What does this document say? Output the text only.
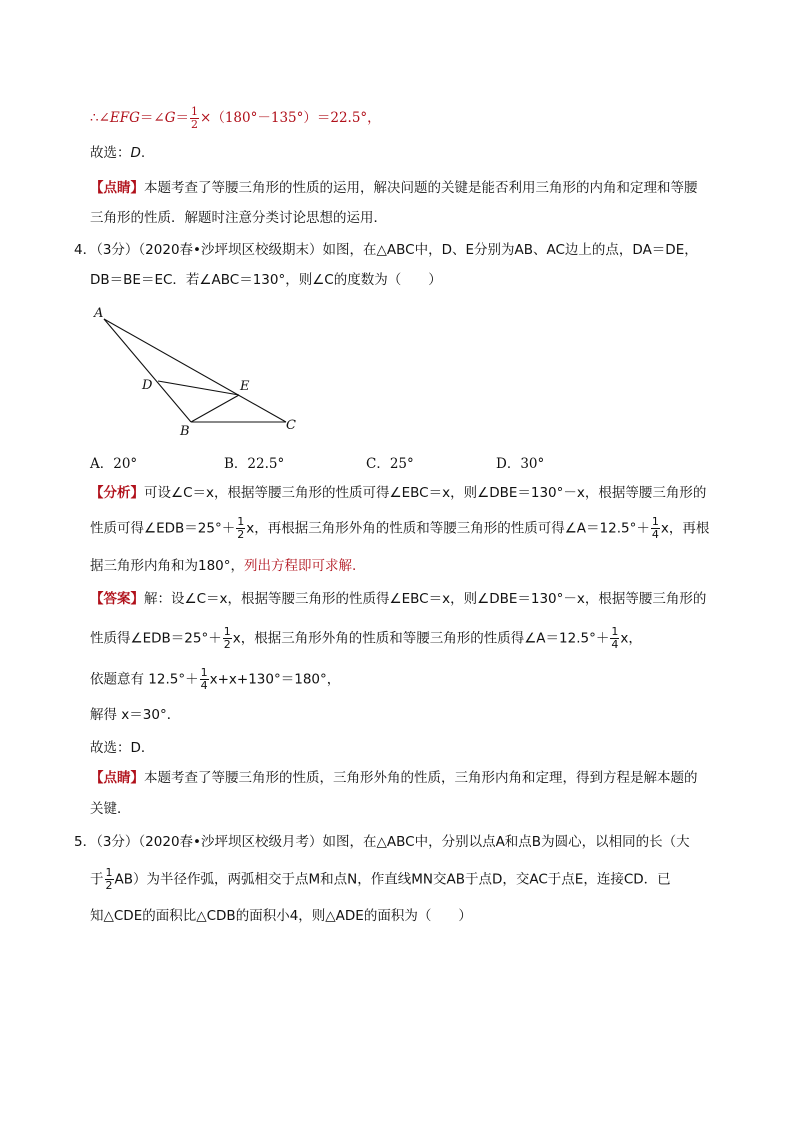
∴∠EFG＝∠G＝ $\frac{1}{2} \times(180^\circ-135^\circ)=22.5^\circ$，
故选：D.
【点睛】本题考查了等腰三角形的性质的运用，解决问题的关键是能否利用三角形的内角和定理和等腰
三角形的性质．解题时注意分类讨论思想的运用．
4．（3分）（2020春•沙坪坝区校级期末）如图，在△ABC中，D、E分别为AB、AC边上的点，DA＝DE，
DB＝BE＝EC．若∠ABC＝130°，则∠C的度数为（　　）
A
D	E
B	C
A．20°	B．22.5°	C．25°	D．30°
【分析】可设∠C＝x，根据等腰三角形的性质可得∠EBC＝x，则∠DBE＝130°－x，根据等腰三角形的
性质可得∠EDB＝25°＋ $\frac{1}{2}$ x，再根据三角形外角的性质和等腰三角形的性质可得∠A＝12.5°＋ $\frac{1}{4}$ x，再根
据三角形内角和为180°，列出方程即可求解.
【答案】解：设∠C＝x，根据等腰三角形的性质得∠EBC＝x，则∠DBE＝130°－x，根据等腰三角形的
性质得∠EDB＝25°＋ $\frac{1}{2}$ x，根据三角形外角的性质和等腰三角形的性质得∠A＝12.5°＋ $\frac{1}{4}$ x，
依题意有 $12.5^\circ+ \frac{1}{4} x+x+130^\circ=180^\circ$，
解得 x＝30°．
故选：D．
【点睛】本题考查了等腰三角形的性质，三角形外角的性质，三角形内角和定理，得到方程是解本题的
关键．
5．（3分）（2020春•沙坪坝区校级月考）如图，在△ABC中，分别以点A和点B为圆心，以相同的长（大
于 $\frac{1}{2} AB$）为半径作弧，两弧相交于点M和点N，作直线MN交AB于点D，交AC于点E，连接CD．已
知△CDE的面积比△CDB的面积小4，则△ADE的面积为（　　）
